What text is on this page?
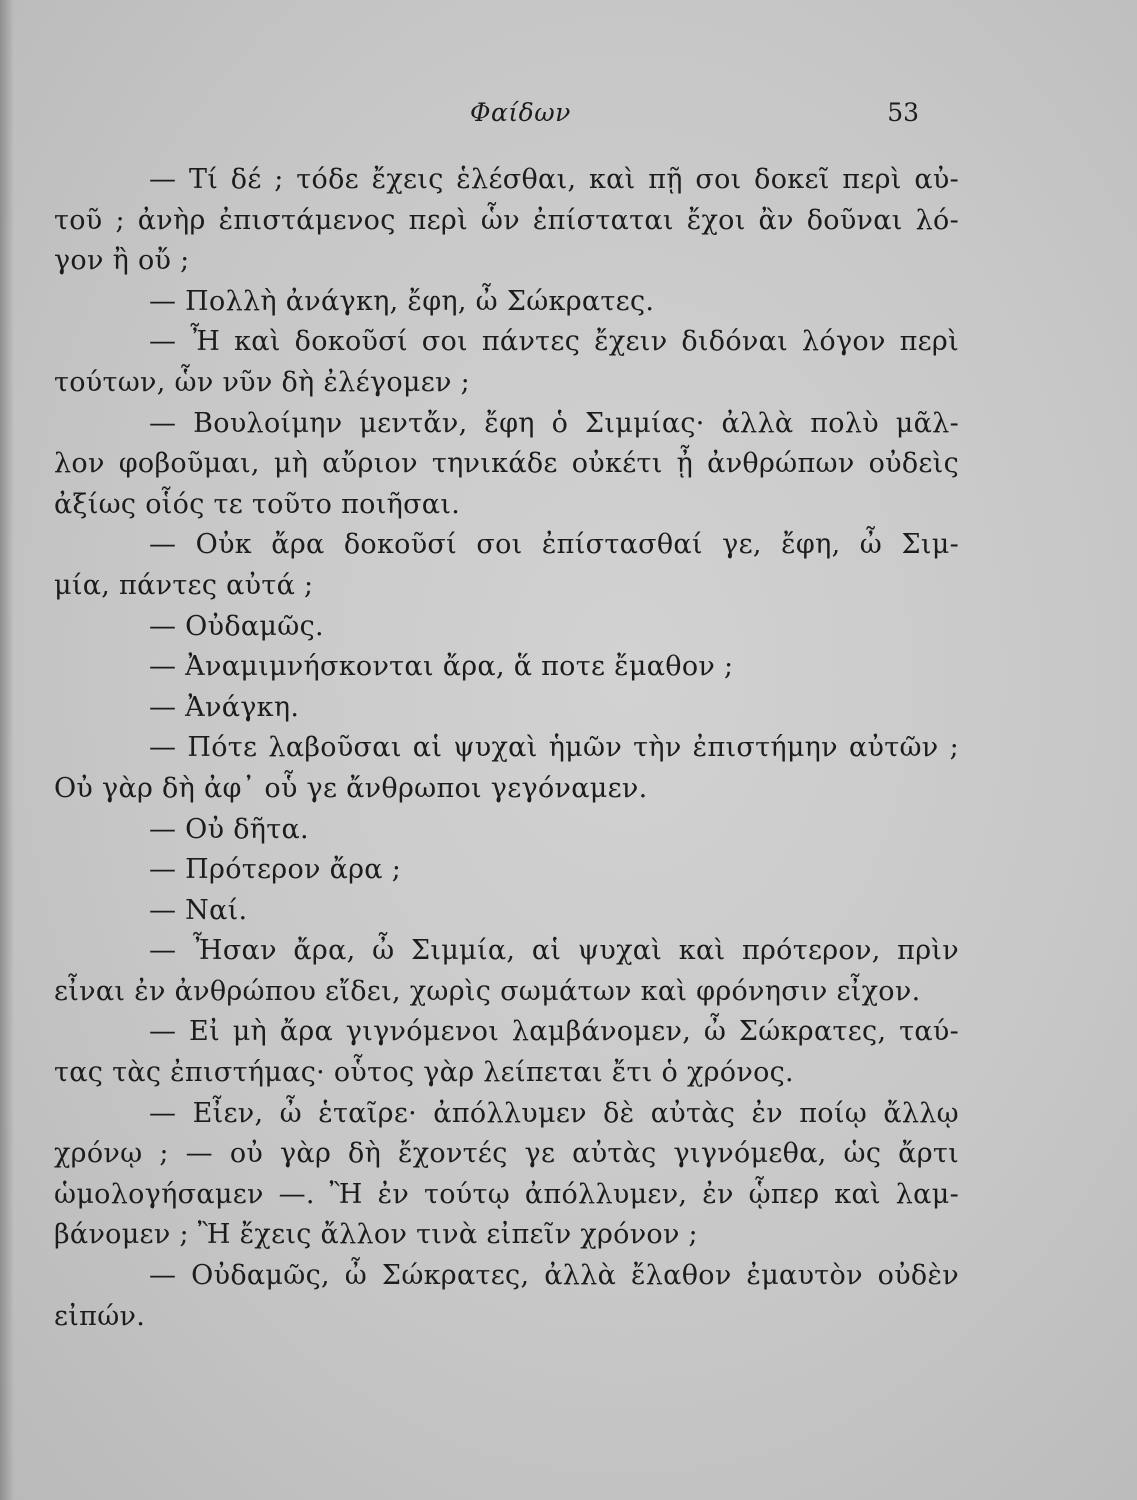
Φαίδων	53
— Τί δέ ; τόδε ἔχεις ἑλέσθαι, καὶ πῇ σοι δοκεῖ περὶ αὐ-
τοῦ ; ἀνὴρ ἐπιστάμενος περὶ ὧν ἐπίσταται ἔχοι ἂν δοῦναι λό-
γον ἢ οὔ ;
— Πολλὴ ἀνάγκη, ἔφη, ὦ Σώκρατες.
— Ἦ καὶ δοκοῦσί σοι πάντες ἔχειν διδόναι λόγον περὶ
τούτων, ὧν νῦν δὴ ἐλέγομεν ;
— Βουλοίμην μεντἄν, ἔφη ὁ Σιμμίας· ἀλλὰ πολὺ μᾶλ-
λον φοβοῦμαι, μὴ αὔριον τηνικάδε οὐκέτι ᾖ ἀνθρώπων οὐδεὶς
ἀξίως οἷός τε τοῦτο ποιῆσαι.
— Οὐκ ἄρα δοκοῦσί σοι ἐπίστασθαί γε, ἔφη, ὦ Σιμ-
μία, πάντες αὐτά ;
— Οὐδαμῶς.
— Ἀναμιμνήσκονται ἄρα, ἅ ποτε ἔμαθον ;
— Ἀνάγκη.
— Πότε λαβοῦσαι αἱ ψυχαὶ ἡμῶν τὴν ἐπιστήμην αὐτῶν ;
Οὐ γὰρ δὴ ἀφ᾽ οὗ γε ἄνθρωποι γεγόναμεν.
— Οὐ δῆτα.
— Πρότερον ἄρα ;
— Ναί.
— Ἦσαν ἄρα, ὦ Σιμμία, αἱ ψυχαὶ καὶ πρότερον, πρὶν
εἶναι ἐν ἀνθρώπου εἴδει, χωρὶς σωμάτων καὶ φρόνησιν εἶχον.
— Εἰ μὴ ἄρα γιγνόμενοι λαμβάνομεν, ὦ Σώκρατες, ταύ-
τας τὰς ἐπιστήμας· οὗτος γὰρ λείπεται ἔτι ὁ χρόνος.
— Εἶεν, ὦ ἑταῖρε· ἀπόλλυμεν δὲ αὐτὰς ἐν ποίῳ ἄλλῳ
χρόνῳ ; — οὐ γὰρ δὴ ἔχοντές γε αὐτὰς γιγνόμεθα, ὡς ἄρτι
ὡμολογήσαμεν —. Ἢ ἐν τούτῳ ἀπόλλυμεν, ἐν ᾧπερ καὶ λαμ-
βάνομεν ; Ἢ ἔχεις ἄλλον τινὰ εἰπεῖν χρόνον ;
— Οὐδαμῶς, ὦ Σώκρατες, ἀλλὰ ἔλαθον ἐμαυτὸν οὐδὲν
εἰπών.
